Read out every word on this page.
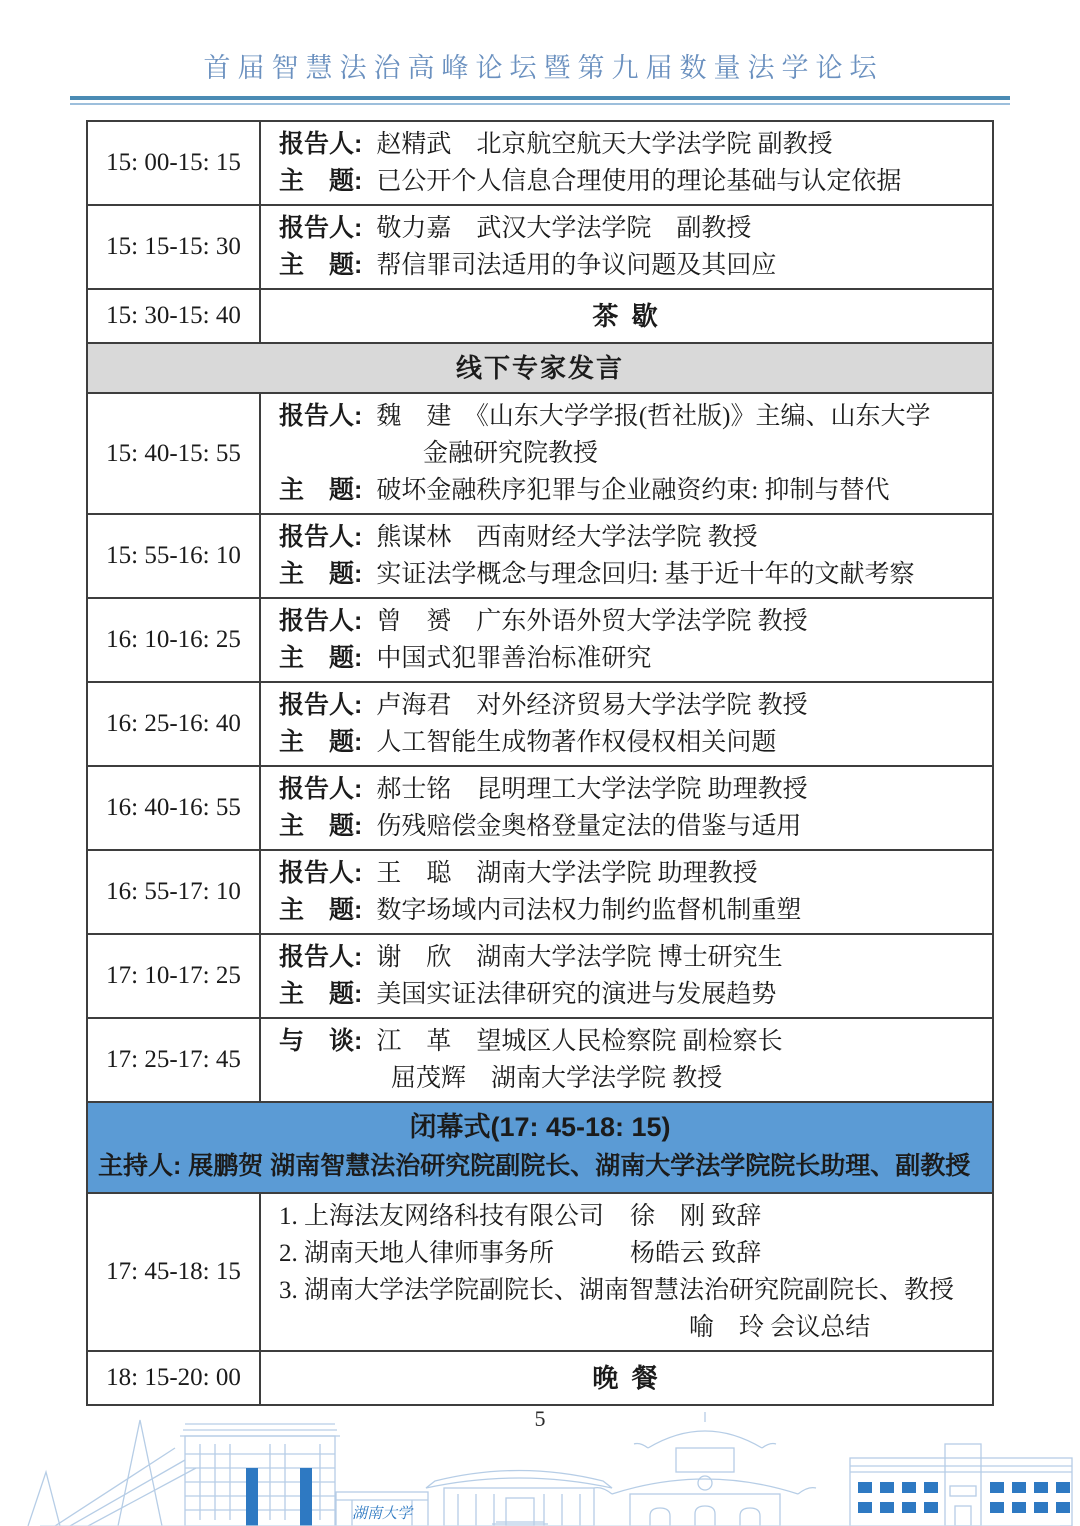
首届智慧法治高峰论坛暨第九届数量法学论坛
15: 00-15: 15	报告人: 赵精武　北京航空航天大学法学院 副教授
主　题: 已公开个人信息合理使用的理论基础与认定依据

15: 15-15: 30	报告人: 敬力嘉　武汉大学法学院　副教授
主　题: 帮信罪司法适用的争议问题及其回应

15: 30-15: 40	茶 歇

线下专家发言	

15: 40-15: 55	报告人: 魏　建　《山东大学学报(哲社版)》主编、山东大学
金融研究院教授
主　题: 破坏金融秩序犯罪与企业融资约束: 抑制与替代

15: 55-16: 10	报告人: 熊谋林　西南财经大学法学院 教授
主　题: 实证法学概念与理念回归: 基于近十年的文献考察

16: 10-16: 25	报告人: 曾　赟　广东外语外贸大学法学院 教授
主　题: 中国式犯罪善治标准研究

16: 25-16: 40	报告人: 卢海君　对外经济贸易大学法学院 教授
主　题: 人工智能生成物著作权侵权相关问题

16: 40-16: 55	报告人: 郝士铭　昆明理工大学法学院 助理教授
主　题: 伤残赔偿金奥格登量定法的借鉴与适用

16: 55-17: 10	报告人: 王　聪　湖南大学法学院 助理教授
主　题: 数字场域内司法权力制约监督机制重塑

17: 10-17: 25	报告人: 谢　欣　湖南大学法学院 博士研究生
主　题: 美国实证法律研究的演进与发展趋势

17: 25-17: 45	与　谈: 江　革　望城区人民检察院 副检察长
屈茂辉　湖南大学法学院 教授

闭幕式(17: 45-18: 15)
主持人: 展鹏贺 湖南智慧法治研究院副院长、湖南大学法学院院长助理、副教授	

17: 45-18: 15	1. 上海法友网络科技有限公司 徐　刚 致辞
2. 湖南天地人律师事务所 杨皓云 致辞
3. 湖南大学法学院副院长、湖南智慧法治研究院副院长、教授
喻　玲 会议总结

18: 15-20: 00	晚 餐
5
湖南大学
